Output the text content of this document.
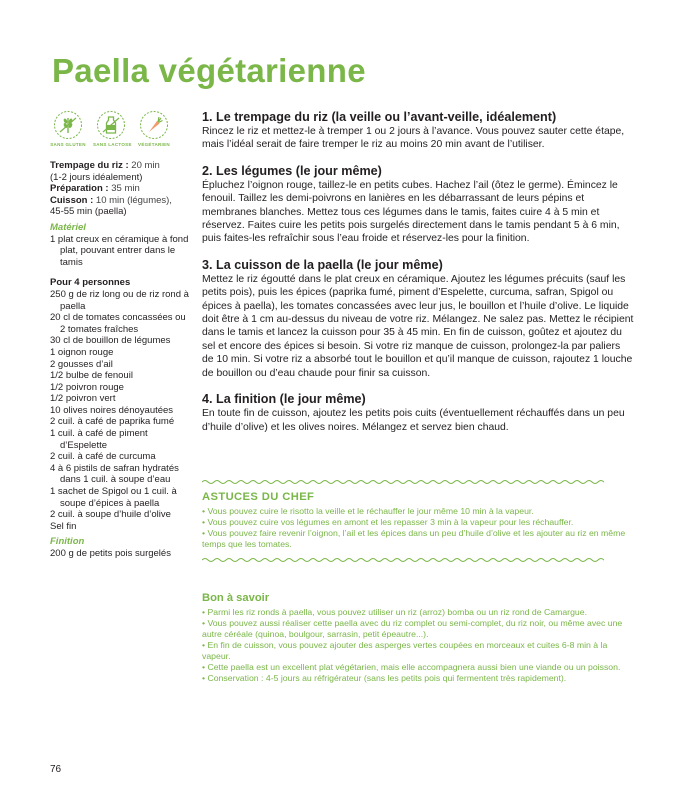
Paella végétarienne
SANS GLUTEN SANS LACTOSE	VÉGÉTARIEN

Trempage du riz : 20 min

(1-2 jours idéalement)

Préparation : 35 min

Cuisson : 10 min (légumes),

45-55 min (paella)

Matériel
1 plat creux en céramique à fond plat, pouvant entrer dans le tamis
Pour 4 personnes
250 g de riz long ou de riz rond à paella
20 cl de tomates concassées ou 2 tomates fraîches
30 cl de bouillon de légumes
1 oignon rouge
2 gousses d’ail
1/2 bulbe de fenouil
1/2 poivron rouge
1/2 poivron vert
10 olives noires dénoyautées
2 cuil. à café de paprika fumé
1 cuil. à café de piment d’Espelette
2 cuil. à café de curcuma
4 à 6 pistils de safran hydratés dans 1 cuil. à soupe d’eau
1 sachet de Spigol ou 1 cuil. à soupe d’épices à paella
2 cuil. à soupe d’huile d’olive
Sel fin
Finition
200 g de petits pois surgelés
1. Le trempage du riz (la veille ou l’avant-veille, idéalement)

Rincez le riz et mettez-le à tremper 1 ou 2 jours à l’avance. Vous pouvez sauter cette étape, mais l’idéal serait de faire tremper le riz au moins 20 min avant de l’utiliser.

2. Les légumes (le jour même)

Épluchez l’oignon rouge, taillez-le en petits cubes. Hachez l’ail (ôtez le germe). Émincez le fenouil. Taillez les demi-poivrons en lanières en les débarrassant de leurs pépins et membranes blanches. Mettez tous ces légumes dans le tamis, faites cuire 4 à 5 min et réservez. Faites cuire les petits pois surgelés directement dans le tamis pendant 5 à 6 min, puis faites-les refraîchir sous l’eau froide et réservez-les pour la finition.

3. La cuisson de la paella (le jour même)

Mettez le riz égoutté dans le plat creux en céramique. Ajoutez les légumes précuits (sauf les petits pois), puis les épices (paprika fumé, piment d’Espelette, curcuma, safran, Spigol ou épices à paella), les tomates concassées avec leur jus, le bouillon et l’huile d’olive. Le liquide doit être à 1 cm au-dessus du niveau de votre riz. Mélangez. Ne salez pas. Mettez le récipient dans le tamis et lancez la cuisson pour 35 à 45 min. En fin de cuisson, goûtez et ajoutez du sel et encore des épices si besoin. Si votre riz manque de cuisson, prolongez-la par paliers de 10 min. Si votre riz a absorbé tout le bouillon et qu’il manque de cuisson, rajoutez 1 louche de bouillon ou d’eau chaude pour finir sa cuisson.

4. La finition (le jour même)

En toute fin de cuisson, ajoutez les petits pois cuits (éventuellement réchauffés dans un peu d’huile d’olive) et les olives noires. Mélangez et servez bien chaud.

ASTUCES DU CHEF

• Vous pouvez cuire le risotto la veille et le réchauffer le jour même 10 min à la vapeur.

• Vous pouvez cuire vos légumes en amont et les repasser 3 min à la vapeur pour les réchauffer.

• Vous pouvez faire revenir l’oignon, l’ail et les épices dans un peu d’huile d’olive et les ajouter au riz en même temps que les tomates.

Bon à savoir

• Parmi les riz ronds à paella, vous pouvez utiliser un riz (arroz) bomba ou un riz rond de Camargue.

• Vous pouvez aussi réaliser cette paella avec du riz complet ou semi-complet, du riz noir, ou même avec une autre céréale (quinoa, boulgour, sarrasin, petit épeautre...).

• En fin de cuisson, vous pouvez ajouter des asperges vertes coupées en morceaux et cuites 6-8 min à la vapeur.

• Cette paella est un excellent plat végétarien, mais elle accompagnera aussi bien une viande ou un poisson.

• Conservation : 4-5 jours au réfrigérateur (sans les petits pois qui fermentent très rapidement).

76
